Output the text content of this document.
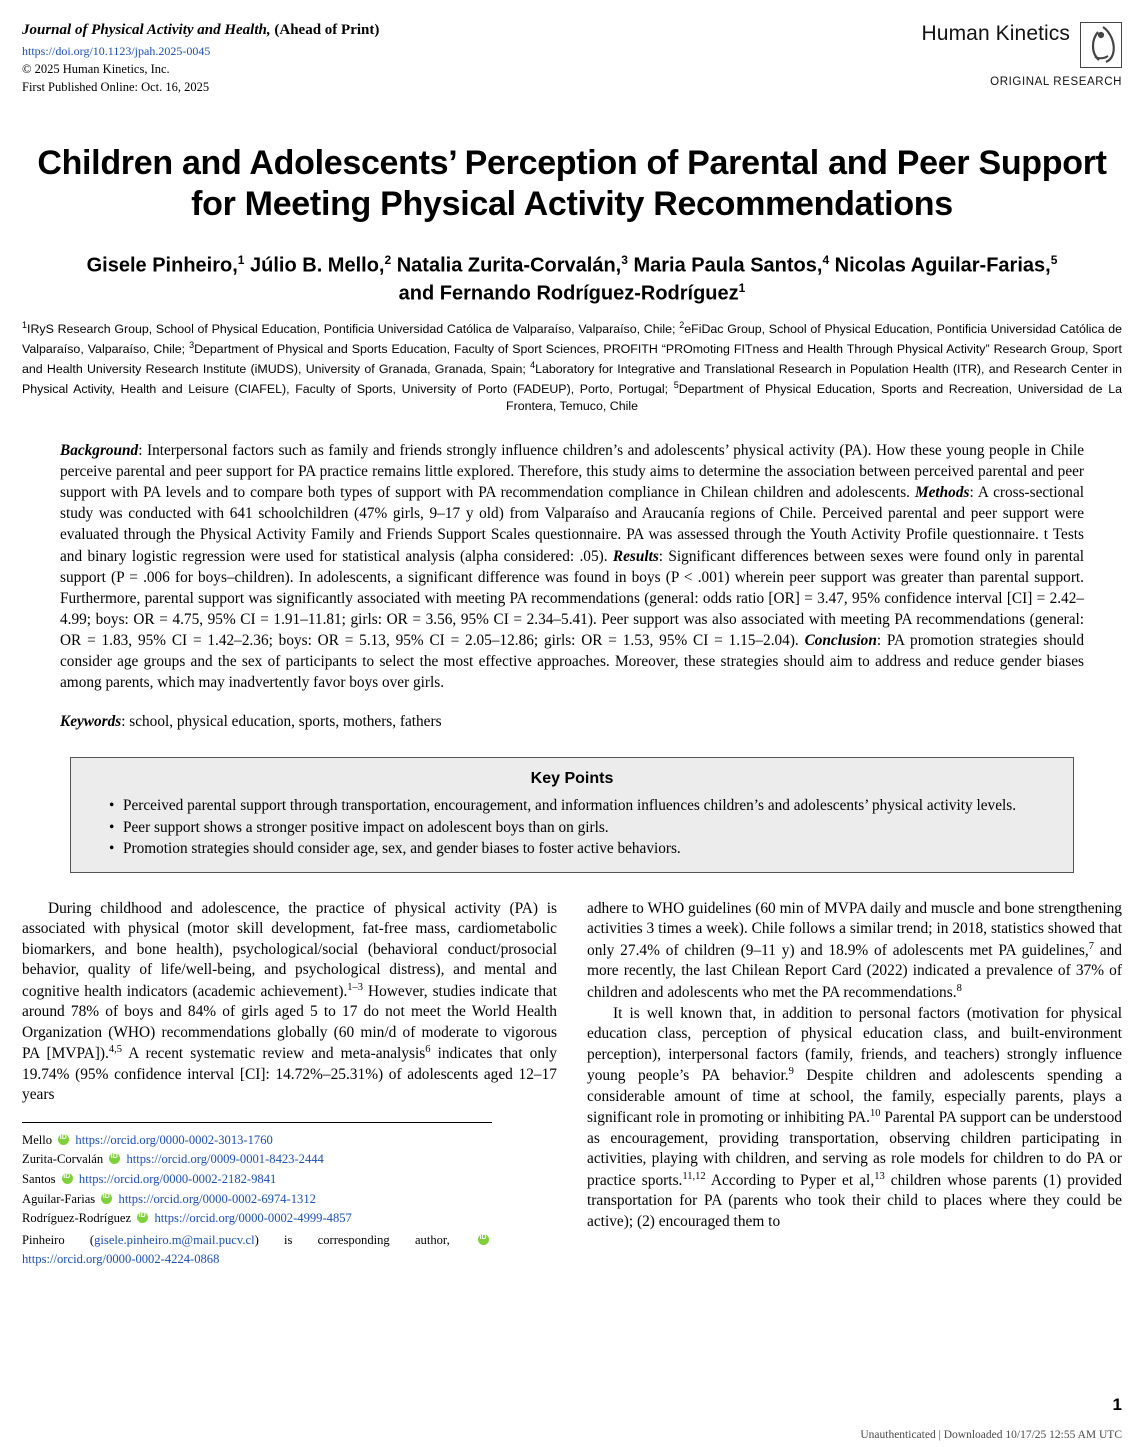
Journal of Physical Activity and Health, (Ahead of Print)
https://doi.org/10.1123/jpah.2025-0045
© 2025 Human Kinetics, Inc.
First Published Online: Oct. 16, 2025
Human Kinetics
ORIGINAL RESEARCH
Children and Adolescents’ Perception of Parental and Peer Support for Meeting Physical Activity Recommendations
Gisele Pinheiro,$^1$ Júlio B. Mello,$^2$ Natalia Zurita-Corvalán,$^3$ Maria Paula Santos,$^4$ Nicolas Aguilar-Farias,$^5$
and Fernando Rodríguez-Rodríguez$^1$
$^1$IRyS Research Group, School of Physical Education, Pontificia Universidad Católica de Valparaíso, Valparaíso, Chile; $^2$eFiDac Group, School of Physical Education, Pontificia Universidad Católica de Valparaíso, Valparaíso, Chile; $^3$Department of Physical and Sports Education, Faculty of Sport Sciences, PROFITH “PROmoting FITness and Health Through Physical Activity” Research Group, Sport and Health University Research Institute (iMUDS), University of Granada, Granada, Spain; $^4$Laboratory for Integrative and Translational Research in Population Health (ITR), and Research Center in Physical Activity, Health and Leisure (CIAFEL), Faculty of Sports, University of Porto (FADEUP), Porto, Portugal; $^5$Department of Physical Education, Sports and Recreation, Universidad de La Frontera, Temuco, Chile
Background: Interpersonal factors such as family and friends strongly influence children’s and adolescents’ physical activity (PA). How these young people in Chile perceive parental and peer support for PA practice remains little explored. Therefore, this study aims to determine the association between perceived parental and peer support with PA levels and to compare both types of support with PA recommendation compliance in Chilean children and adolescents. Methods: A cross-sectional study was conducted with 641 schoolchildren (47% girls, 9–17 y old) from Valparaíso and Araucanía regions of Chile. Perceived parental and peer support were evaluated through the Physical Activity Family and Friends Support Scales questionnaire. PA was assessed through the Youth Activity Profile questionnaire. t Tests and binary logistic regression were used for statistical analysis (alpha considered: .05). Results: Significant differences between sexes were found only in parental support (P = .006 for boys–children). In adolescents, a significant difference was found in boys (P < .001) wherein peer support was greater than parental support. Furthermore, parental support was significantly associated with meeting PA recommendations (general: odds ratio [OR] = 3.47, 95% confidence interval [CI] = 2.42–4.99; boys: OR = 4.75, 95% CI = 1.91–11.81; girls: OR = 3.56, 95% CI = 2.34–5.41). Peer support was also associated with meeting PA recommendations (general: OR = 1.83, 95% CI = 1.42–2.36; boys: OR = 5.13, 95% CI = 2.05–12.86; girls: OR = 1.53, 95% CI = 1.15–2.04). Conclusion: PA promotion strategies should consider age groups and the sex of participants to select the most effective approaches. Moreover, these strategies should aim to address and reduce gender biases among parents, which may inadvertently favor boys over girls.
Keywords: school, physical education, sports, mothers, fathers
Key Points
• Perceived parental support through transportation, encouragement, and information influences children’s and adolescents’ physical activity levels.
• Peer support shows a stronger positive impact on adolescent boys than on girls.
• Promotion strategies should consider age, sex, and gender biases to foster active behaviors.

During childhood and adolescence, the practice of physical activity (PA) is associated with physical (motor skill development, fat-free mass, cardiometabolic biomarkers, and bone health), psychological/social (behavioral conduct/prosocial behavior, quality of life/well-being, and psychological distress), and mental and cognitive health indicators (academic achievement).$^{1-3}$ However, studies indicate that around 78% of boys and 84% of girls aged 5 to 17 do not meet the World Health Organization (WHO) recommendations globally (60 min/d of moderate to vigorous PA [MVPA]).$^{4,5}$ A recent systematic review and meta-analysis$^6$ indicates that only 19.74% (95% confidence interval [CI]: 14.72%–25.31%) of adolescents aged 12–17 years

Mello iD https://orcid.org/0000-0002-3013-1760
Zurita-Corvalán iD https://orcid.org/0009-0001-8423-2444
Santos iD https://orcid.org/0000-0002-2182-9841
Aguilar-Farias iD https://orcid.org/0000-0002-6974-1312
Rodríguez-Rodríguez iD https://orcid.org/0000-0002-4999-4857
Pinheiro (gisele.pinheiro.m@mail.pucv.cl) is corresponding author, iDhttps://orcid.org/0000-0002-4224-0868

adhere to WHO guidelines (60 min of MVPA daily and muscle and bone strengthening activities 3 times a week). Chile follows a similar trend; in 2018, statistics showed that only 27.4% of children (9–11 y) and 18.9% of adolescents met PA guidelines,$^7$ and more recently, the last Chilean Report Card (2022) indicated a prevalence of 37% of children and adolescents who met the PA recommendations.$^8$

It is well known that, in addition to personal factors (motivation for physical education class, perception of physical education class, and built-environment perception), interpersonal factors (family, friends, and teachers) strongly influence young people’s PA behavior.$^9$ Despite children and adolescents spending a considerable amount of time at school, the family, especially parents, plays a significant role in promoting or inhibiting PA.$^{10}$ Parental PA support can be understood as encouragement, providing transportation, observing children participating in activities, playing with children, and serving as role models for children to do PA or practice sports.$^{11,12}$ According to Pyper et al,$^{13}$ children whose parents (1) provided transportation for PA (parents who took their child to places where they could be active); (2) encouraged them to

1
Unauthenticated | Downloaded 10/17/25 12:55 AM UTC
